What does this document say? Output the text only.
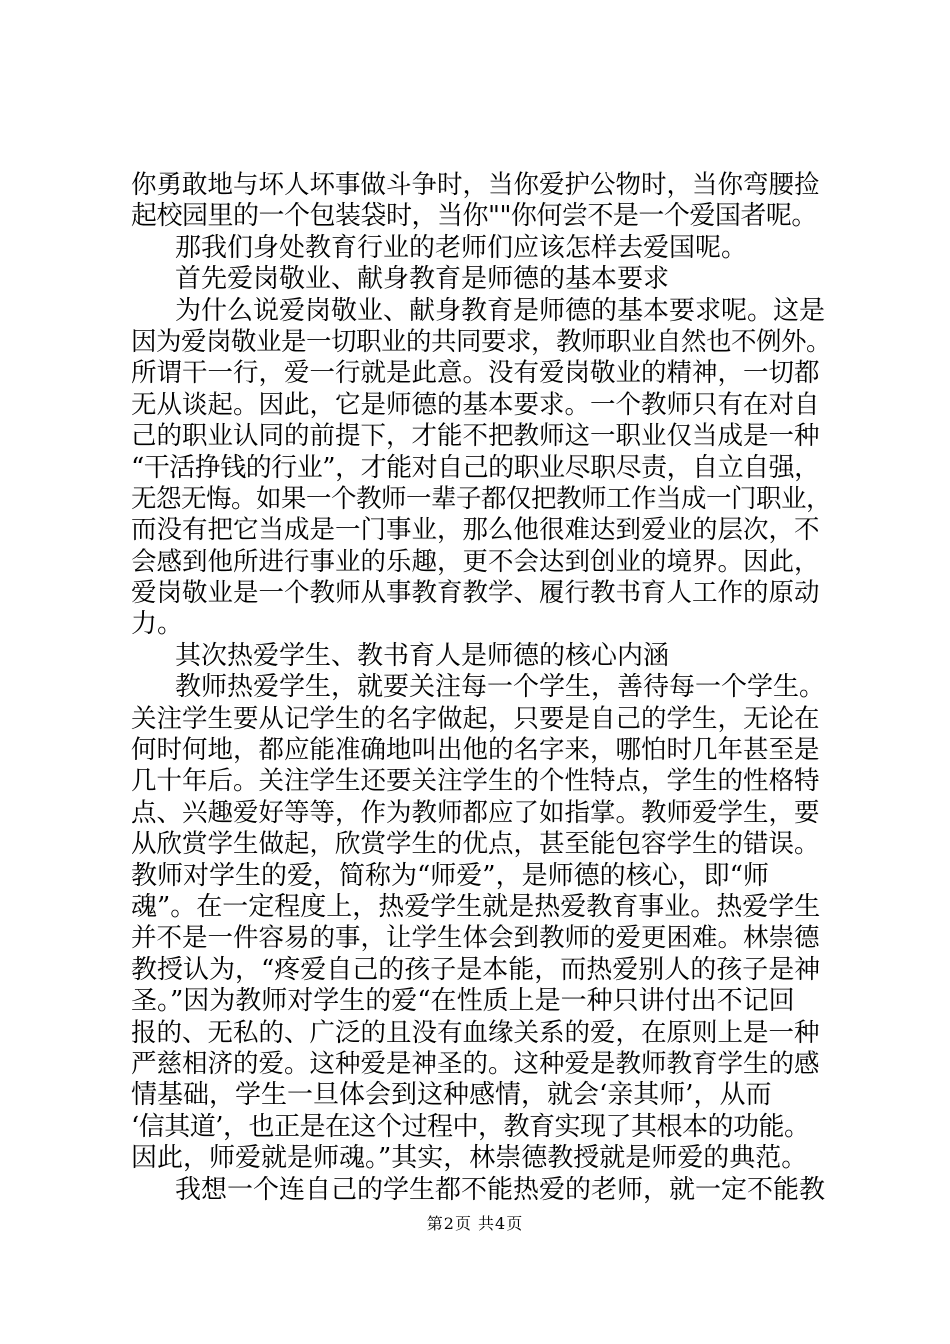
你勇敢地与坏人坏事做斗争时，当你爱护公物时，当你弯腰捡
起校园里的一个包装袋时，当你""你何尝不是一个爱国者呢。
那我们身处教育行业的老师们应该怎样去爱国呢。
首先爱岗敬业、献身教育是师德的基本要求
为什么说爱岗敬业、献身教育是师德的基本要求呢。这是
因为爱岗敬业是一切职业的共同要求，教师职业自然也不例外。
所谓干一行，爱一行就是此意。没有爱岗敬业的精神，一切都
无从谈起。因此，它是师德的基本要求。一个教师只有在对自
己的职业认同的前提下，才能不把教师这一职业仅当成是一种
“干活挣钱的行业”，才能对自己的职业尽职尽责，自立自强，
无怨无悔。如果一个教师一辈子都仅把教师工作当成一门职业，
而没有把它当成是一门事业，那么他很难达到爱业的层次，不
会感到他所进行事业的乐趣，更不会达到创业的境界。因此，
爱岗敬业是一个教师从事教育教学、履行教书育人工作的原动
力。
其次热爱学生、教书育人是师德的核心内涵
教师热爱学生，就要关注每一个学生，善待每一个学生。
关注学生要从记学生的名字做起，只要是自己的学生，无论在
何时何地，都应能准确地叫出他的名字来，哪怕时几年甚至是
几十年后。关注学生还要关注学生的个性特点，学生的性格特
点、兴趣爱好等等，作为教师都应了如指掌。教师爱学生，要
从欣赏学生做起，欣赏学生的优点，甚至能包容学生的错误。
教师对学生的爱，简称为“师爱”，是师德的核心，即“师
魂”。在一定程度上，热爱学生就是热爱教育事业。热爱学生
并不是一件容易的事，让学生体会到教师的爱更困难。林崇德
教授认为，“疼爱自己的孩子是本能，而热爱别人的孩子是神
圣。”因为教师对学生的爱“在性质上是一种只讲付出不记回
报的、无私的、广泛的且没有血缘关系的爱，在原则上是一种
严慈相济的爱。这种爱是神圣的。这种爱是教师教育学生的感
情基础，学生一旦体会到这种感情，就会‘亲其师’，从而
‘信其道’，也正是在这个过程中，教育实现了其根本的功能。
因此，师爱就是师魂。”其实，林崇德教授就是师爱的典范。
我想一个连自己的学生都不能热爱的老师，就一定不能教
第2页 共4页
